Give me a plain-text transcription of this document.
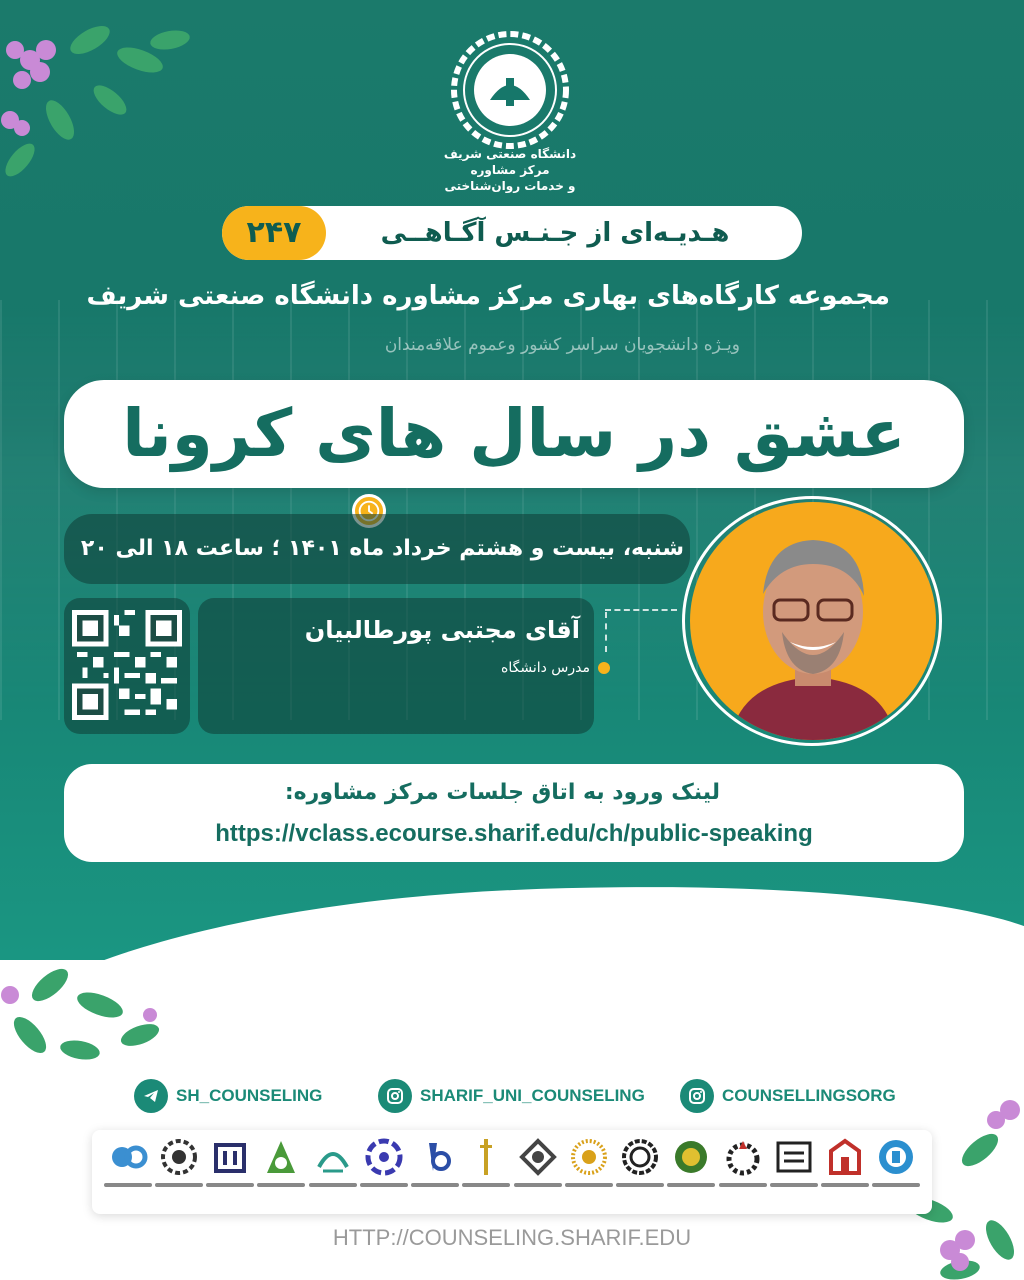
دانشگاه صنعتی شریف
مرکز مشاوره
و خدمات روان‌شناختی
۲۴۷	هـدیـه‌ای از جـنـس آگـاهــی
مجموعه کارگاه‌های بهاری مرکز مشاوره دانشگاه صنعتی شریف
ویـژه دانشجویان سراسر کشور وعموم علاقه‌مندان
عشق در سال های کرونا
شنبه، بیست و هشتم خرداد ماه ۱۴۰۱ ؛ ساعت ۱۸ الی ۲۰
آقای مجتبی پورطالبیان
مدرس دانشگاه
لینک ورود به اتاق جلسات مرکز مشاوره:
https://vclass.ecourse.sharif.edu/ch/public-speaking
SH_COUNSELING	SHARIF_UNI_COUNSELING	COUNSELLINGSORG
HTTP://COUNSELING.SHARIF.EDU
